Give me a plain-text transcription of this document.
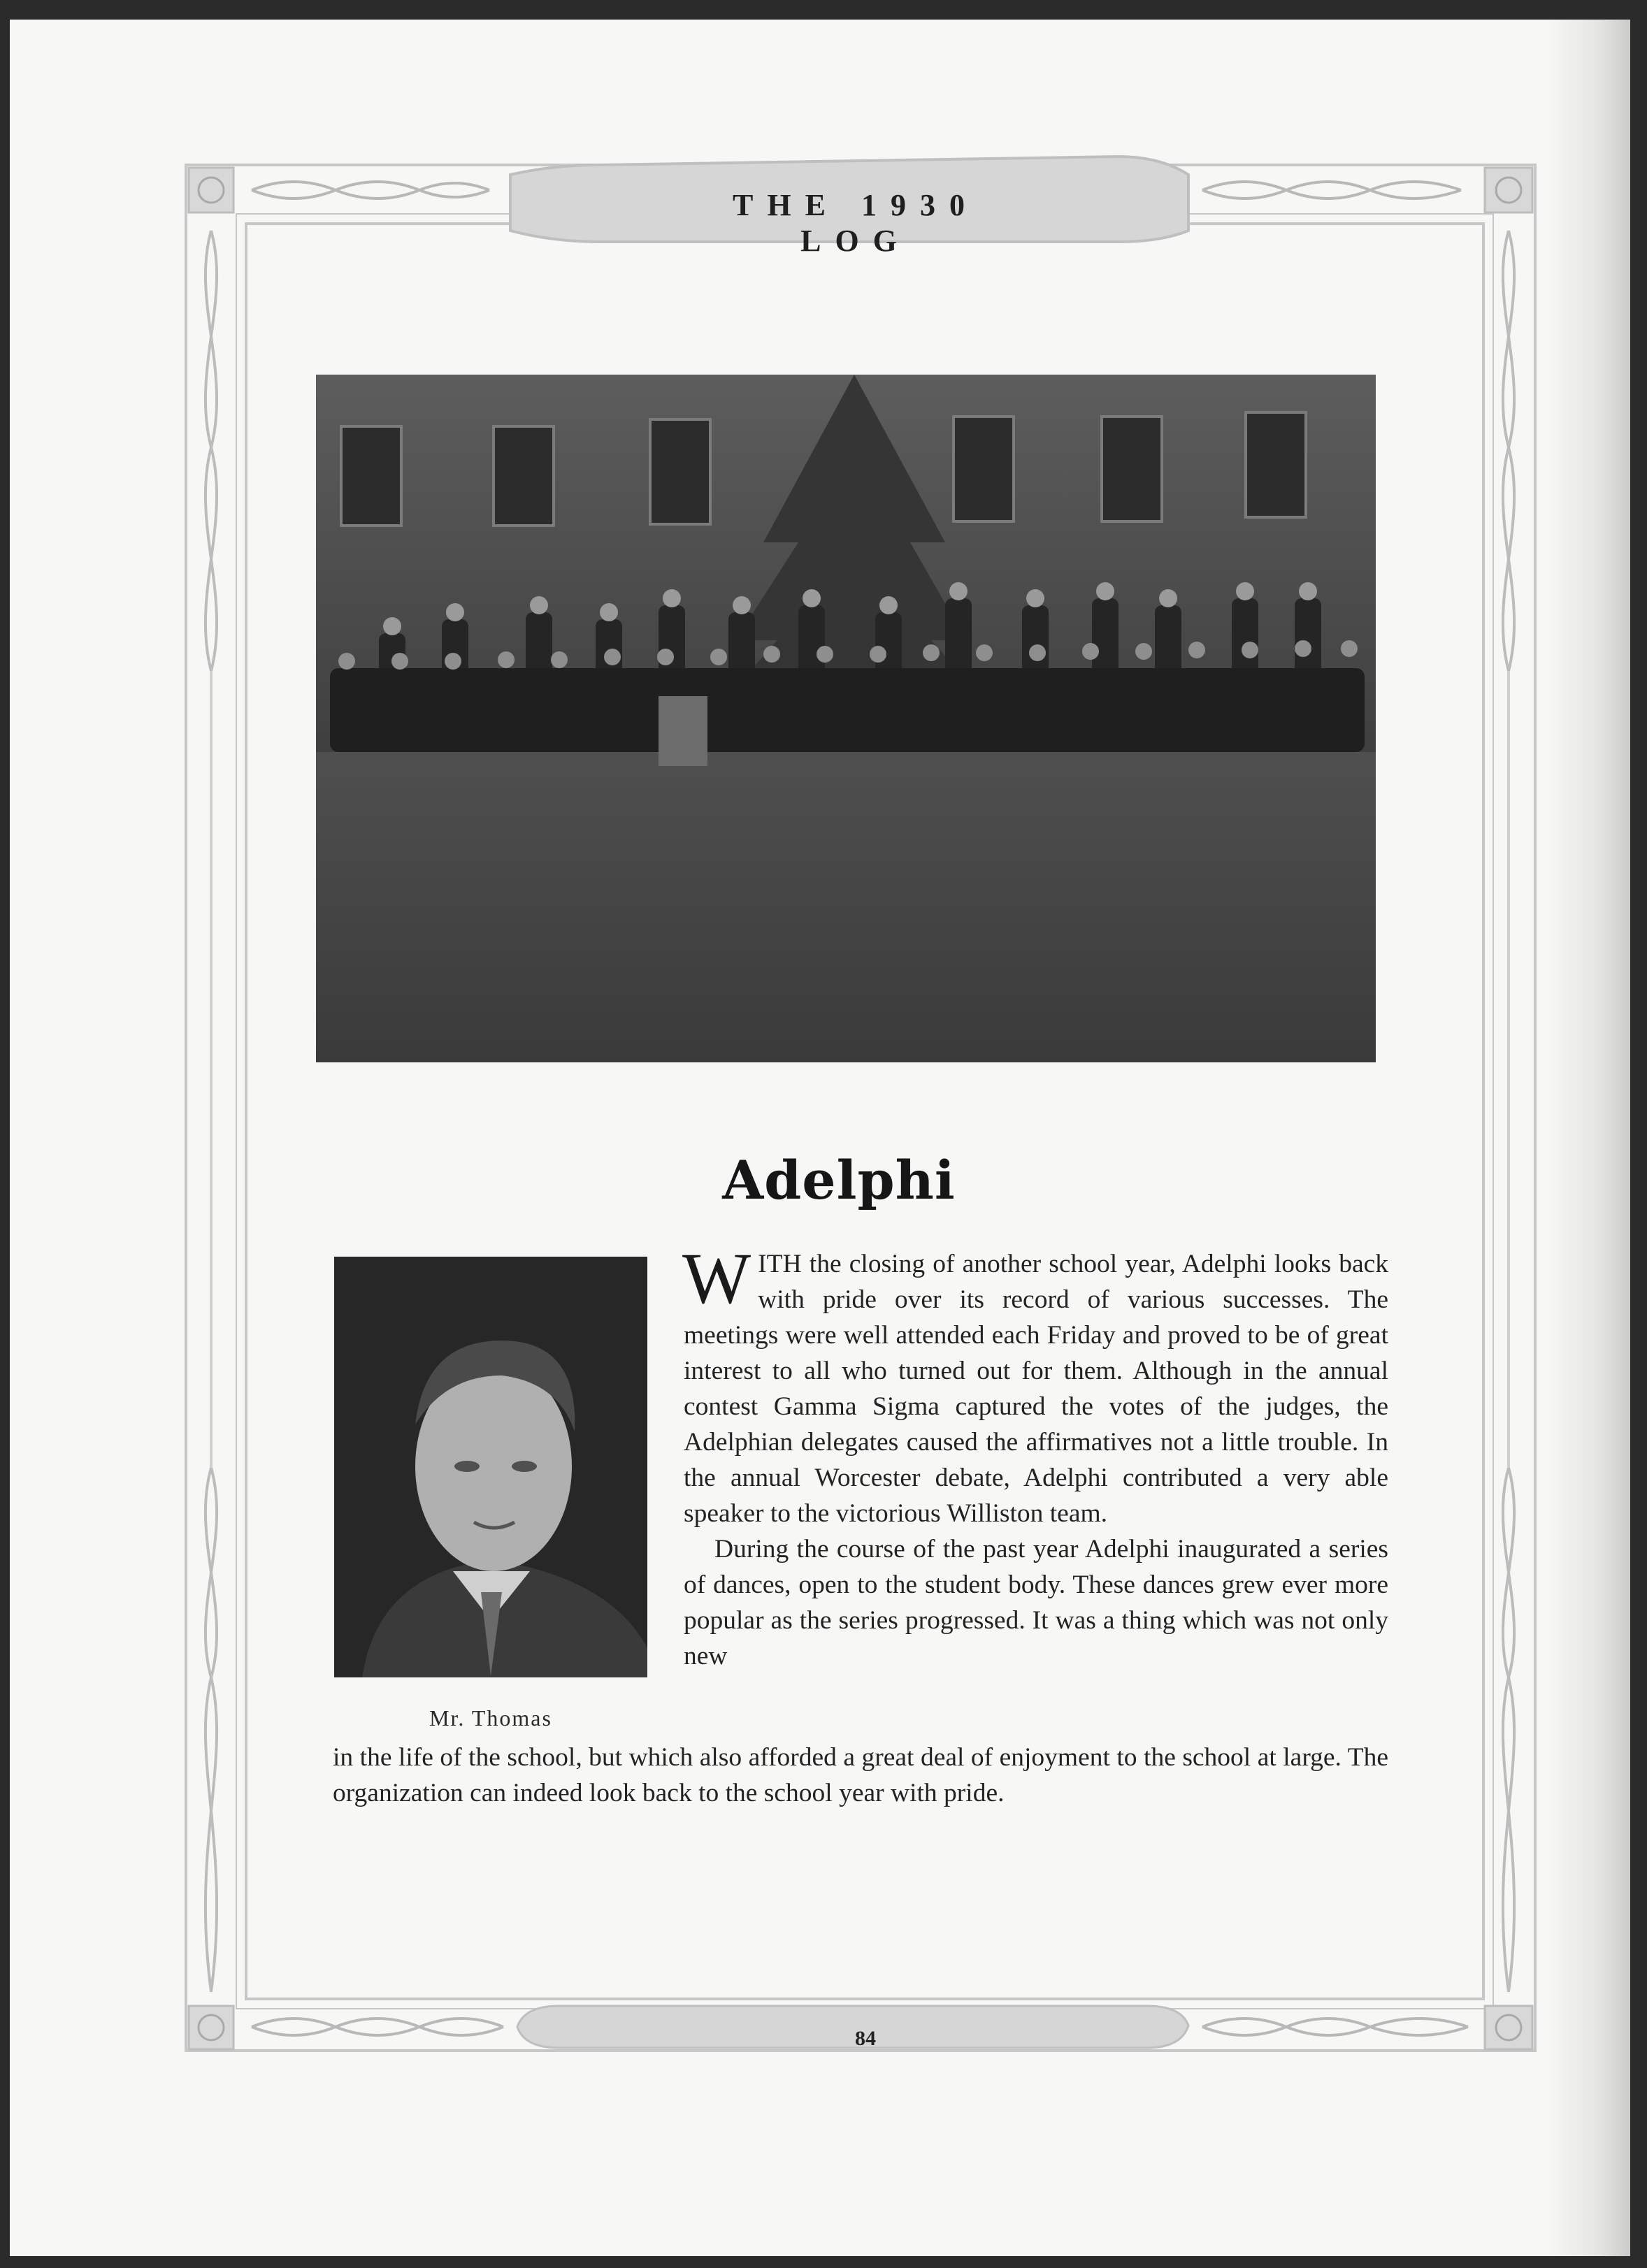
THE 1930 LOG
Adelphi
Mr. Thomas

WITH the closing of another school year, Adelphi looks back with pride over its record of various successes. The meetings were well attended each Friday and proved to be of great interest to all who turned out for them. Although in the annual contest Gamma Sigma captured the votes of the judges, the Adelphian delegates caused the affirmatives not a little trouble. In the annual Worcester debate, Adelphi contributed a very able speaker to the victorious Williston team.

During the course of the past year Adelphi inaugurated a series of dances, open to the student body. These dances grew ever more popular as the series progressed. It was a thing which was not only new

in the life of the school, but which also afforded a great deal of enjoyment to the school at large. The organization can indeed look back to the school year with pride.

84
